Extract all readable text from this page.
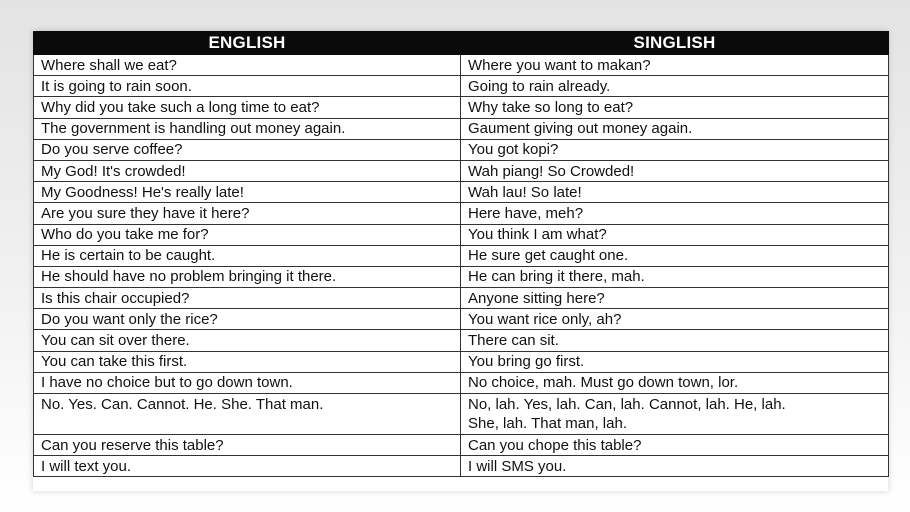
ENGLISH	SINGLISH
Where shall we eat?	Where you want to makan?
It is going to rain soon.	Going to rain already.
Why did you take such a long time to eat?	Why take so long to eat?
The government is handling out money again.	Gaument giving out money again.
Do you serve coffee?	You got kopi?
My God! It's crowded!	Wah piang! So Crowded!
My Goodness! He's really late!	Wah lau! So late!
Are you sure they have it here?	Here have, meh?
Who do you take me for?	You think I am what?
He is certain to be caught.	He sure get caught one.
He should have no problem bringing it there.	He can bring it there, mah.
Is this chair occupied?	Anyone sitting here?
Do you want only the rice?	You want rice only, ah?
You can sit over there.	There can sit.
You can take this first.	You bring go first.
I have no choice but to go down town.	No choice, mah. Must go down town, lor.
No. Yes. Can. Cannot. He. She. That man.	No, lah. Yes, lah. Can, lah. Cannot, lah. He, lah.
She, lah. That man, lah.

Can you reserve this table?	Can you chope this table?
I will text you.	I will SMS you.
